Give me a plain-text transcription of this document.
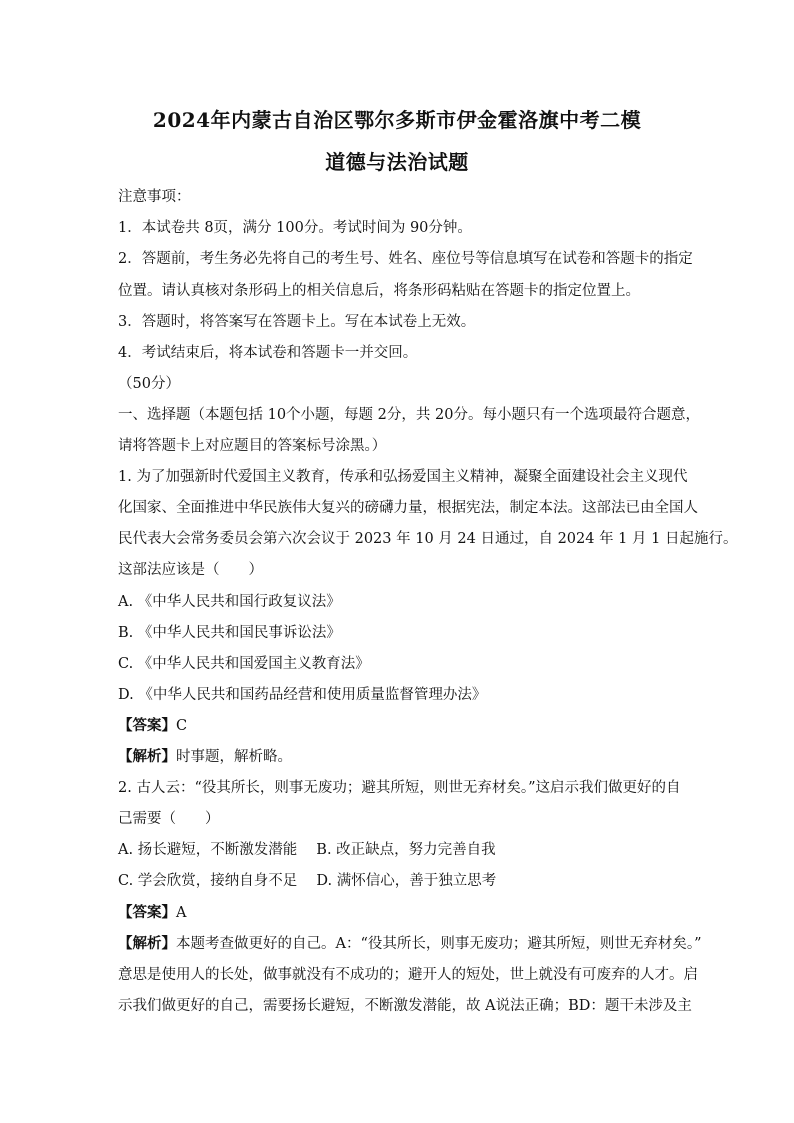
2024年内蒙古自治区鄂尔多斯市伊金霍洛旗中考二模
道德与法治试题
注意事项：
1．本试卷共 8页，满分 100分。考试时间为 90分钟。
2．答题前，考生务必先将自己的考生号、姓名、座位号等信息填写在试卷和答题卡的指定
位置。请认真核对条形码上的相关信息后，将条形码粘贴在答题卡的指定位置上。
3．答题时，将答案写在答题卡上。写在本试卷上无效。
4．考试结束后，将本试卷和答题卡一并交回。
（50分）
一、选择题（本题包括 10个小题，每题 2分，共 20分。每小题只有一个选项最符合题意，
请将答题卡上对应题目的答案标号涂黑。）
1. 为了加强新时代爱国主义教育，传承和弘扬爱国主义精神，凝聚全面建设社会主义现代
化国家、全面推进中华民族伟大复兴的磅礴力量，根据宪法，制定本法。这部法已由全国人
民代表大会常务委员会第六次会议于 2023 年 10 月 24 日通过，自 2024 年 1 月 1 日起施行。
这部法应该是（　　）
A. 《中华人民共和国行政复议法》
B. 《中华人民共和国民事诉讼法》
C. 《中华人民共和国爱国主义教育法》
D. 《中华人民共和国药品经营和使用质量监督管理办法》
【答案】C
【解析】时事题，解析略。
2. 古人云：“役其所长，则事无废功；避其所短，则世无弃材矣。”这启示我们做更好的自
己需要（　　）
A. 扬长避短，不断激发潜能　 B. 改正缺点，努力完善自我
C. 学会欣赏，接纳自身不足　 D. 满怀信心，善于独立思考
【答案】A
【解析】本题考查做更好的自己。A：“役其所长，则事无废功；避其所短，则世无弃材矣。”
意思是使用人的长处，做事就没有不成功的；避开人的短处，世上就没有可废弃的人才。启
示我们做更好的自己，需要扬长避短，不断激发潜能，故 A说法正确；BD：题干未涉及主
